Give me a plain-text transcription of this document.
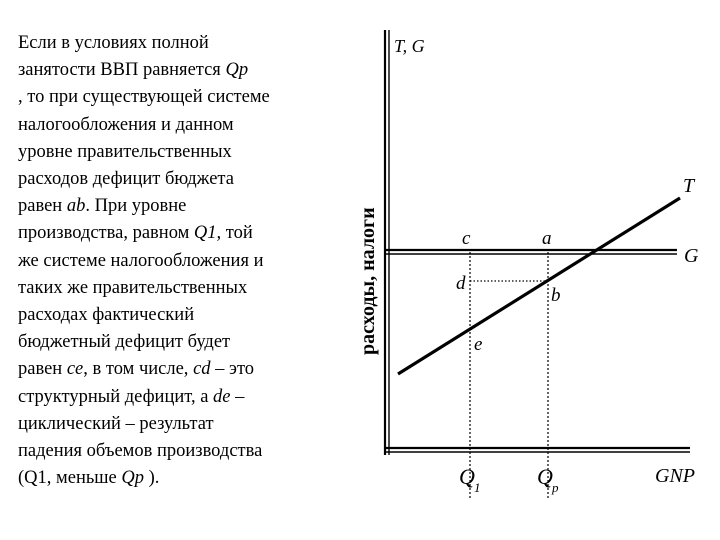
Если в условиях полной
занятости ВВП равняется Qp
, то при существующей системе
налогообложения и данном
уровне правительственных
расходов дефицит бюджета
равен ab. При уровне
производства, равном Q1, той
же системе налогообложения и
таких же правительственных
расходах фактический
бюджетный дефицит будет
равен ce, в том числе, cd – это
структурный дефицит, а de –
циклический – результат
падения объемов производства
(Q1, меньше Qp ).
T, G
расходы, налоги
GNP
T
G
c	a
d
b
e
Q 1	Q p
